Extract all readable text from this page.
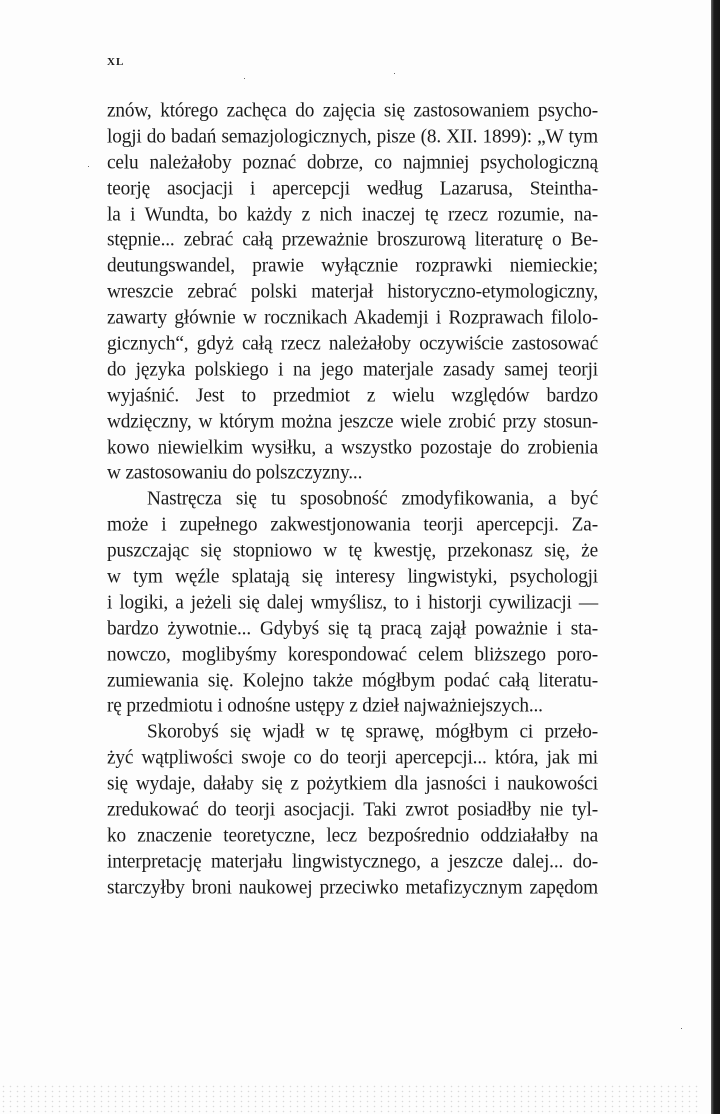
XL
znów, którego zachęca do zajęcia się zastosowaniem psycho-
logji do badań semazjologicznych, pisze (8. XII. 1899): „W tym
celu należałoby poznać dobrze, co najmniej psychologiczną
teorję asocjacji i apercepcji według Lazarusa, Steintha-
la i Wundta, bo każdy z nich inaczej tę rzecz rozumie, na-
stępnie... zebrać całą przeważnie broszurową literaturę o Be-
deutungswandel, prawie wyłącznie rozprawki niemieckie;
wreszcie zebrać polski materjał historyczno-etymologiczny,
zawarty głównie w rocznikach Akademji i Rozprawach filolo-
gicznych“, gdyż całą rzecz należałoby oczywiście zastosować
do języka polskiego i na jego materjale zasady samej teorji
wyjaśnić. Jest to przedmiot z wielu względów bardzo
wdzięczny, w którym można jeszcze wiele zrobić przy stosun-
kowo niewielkim wysiłku, a wszystko pozostaje do zrobienia
w zastosowaniu do polszczyzny...
Nastręcza się tu sposobność zmodyfikowania, a być
może i zupełnego zakwestjonowania teorji apercepcji. Za-
puszczając się stopniowo w tę kwestję, przekonasz się, że
w tym węźle splatają się interesy lingwistyki, psychologji
i logiki, a jeżeli się dalej wmyślisz, to i historji cywilizacji —
bardzo żywotnie... Gdybyś się tą pracą zajął poważnie i sta-
nowczo, moglibyśmy korespondować celem bliższego poro-
zumiewania się. Kolejno także mógłbym podać całą literatu-
rę przedmiotu i odnośne ustępy z dzieł najważniejszych...
Skorobyś się wjadł w tę sprawę, mógłbym ci przeło-
żyć wątpliwości swoje co do teorji apercepcji... która, jak mi
się wydaje, dałaby się z pożytkiem dla jasności i naukowości
zredukować do teorji asocjacji. Taki zwrot posiadłby nie tyl-
ko znaczenie teoretyczne, lecz bezpośrednio oddziałałby na
interpretację materjału lingwistycznego, a jeszcze dalej... do-
starczyłby broni naukowej przeciwko metafizycznym zapędom
